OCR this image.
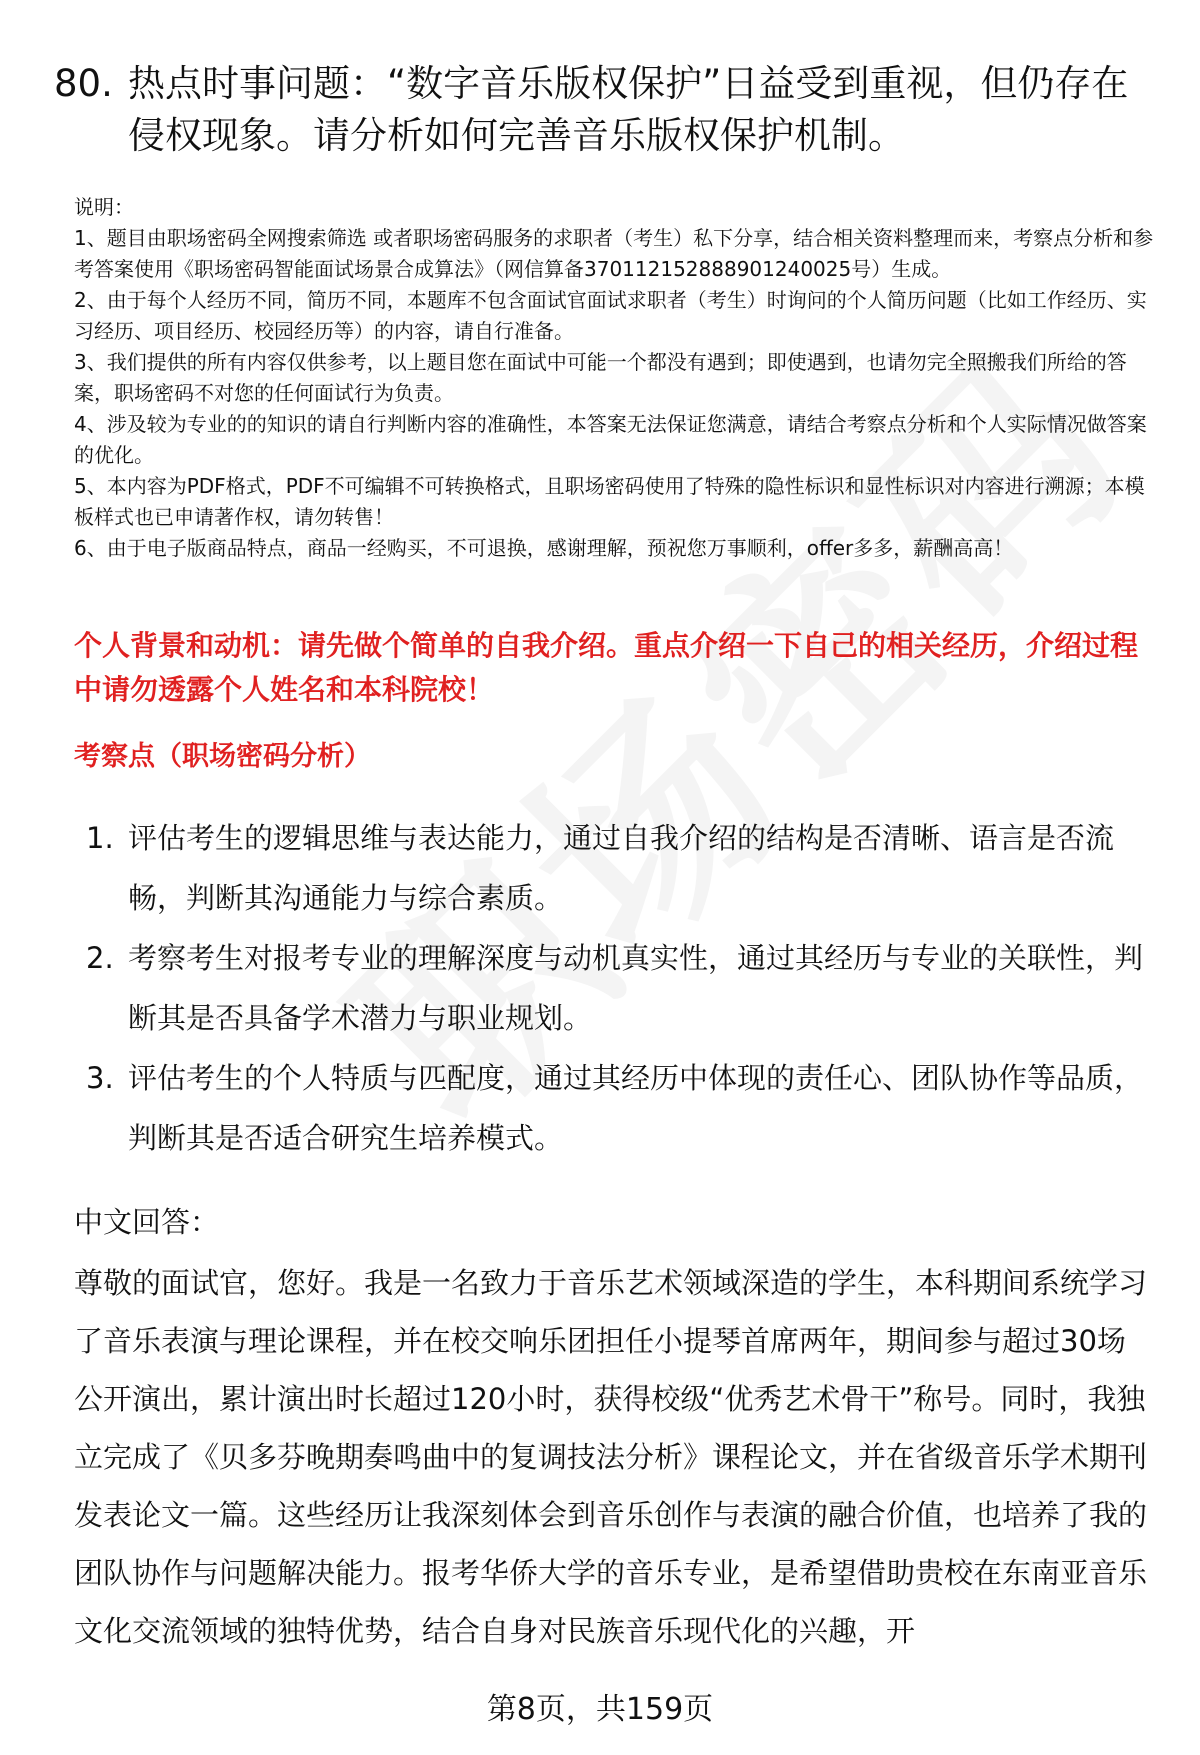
80. 热点时事问题：“数字音乐版权保护”日益受到重视，但仍存在侵权现象。请分析如何完善音乐版权保护机制。

说明：

1、题目由职场密码全网搜索筛选 或者职场密码服务的求职者（考生）私下分享，结合相关资料整理而来，考察点分析和参考答案使用《职场密码智能面试场景合成算法》（网信算备370112152888901240025号）生成。

2、由于每个人经历不同，简历不同，本题库不包含面试官面试求职者（考生）时询问的个人简历问题（比如工作经历、实习经历、项目经历、校园经历等）的内容，请自行准备。

3、我们提供的所有内容仅供参考，以上题目您在面试中可能一个都没有遇到；即使遇到，也请勿完全照搬我们所给的答案，职场密码不对您的任何面试行为负责。

4、涉及较为专业的的知识的请自行判断内容的准确性，本答案无法保证您满意，请结合考察点分析和个人实际情况做答案的优化。

5、本内容为PDF格式，PDF不可编辑不可转换格式，且职场密码使用了特殊的隐性标识和显性标识对内容进行溯源；本模板样式也已申请著作权，请勿转售！

6、由于电子版商品特点，商品一经购买，不可退换，感谢理解，预祝您万事顺利，offer多多，薪酬高高！

个人背景和动机：请先做个简单的自我介绍。重点介绍一下自己的相关经历，介绍过程中请勿透露个人姓名和本科院校！
考察点（职场密码分析）
1. 评估考生的逻辑思维与表达能力，通过自我介绍的结构是否清晰、语言是否流畅，判断其沟通能力与综合素质。
2. 考察考生对报考专业的理解深度与动机真实性，通过其经历与专业的关联性，判断其是否具备学术潜力与职业规划。
3. 评估考生的个人特质与匹配度，通过其经历中体现的责任心、团队协作等品质，判断其是否适合研究生培养模式。
中文回答：
尊敬的面试官，您好。我是一名致力于音乐艺术领域深造的学生，本科期间系统学习了音乐表演与理论课程，并在校交响乐团担任小提琴首席两年，期间参与超过30场公开演出，累计演出时长超过120小时，获得校级“优秀艺术骨干”称号。同时，我独立完成了《贝多芬晚期奏鸣曲中的复调技法分析》课程论文，并在省级音乐学术期刊发表论文一篇。这些经历让我深刻体会到音乐创作与表演的融合价值，也培养了我的团队协作与问题解决能力。报考华侨大学的音乐专业，是希望借助贵校在东南亚音乐文化交流领域的独特优势，结合自身对民族音乐现代化的兴趣，开
第8页，共159页
